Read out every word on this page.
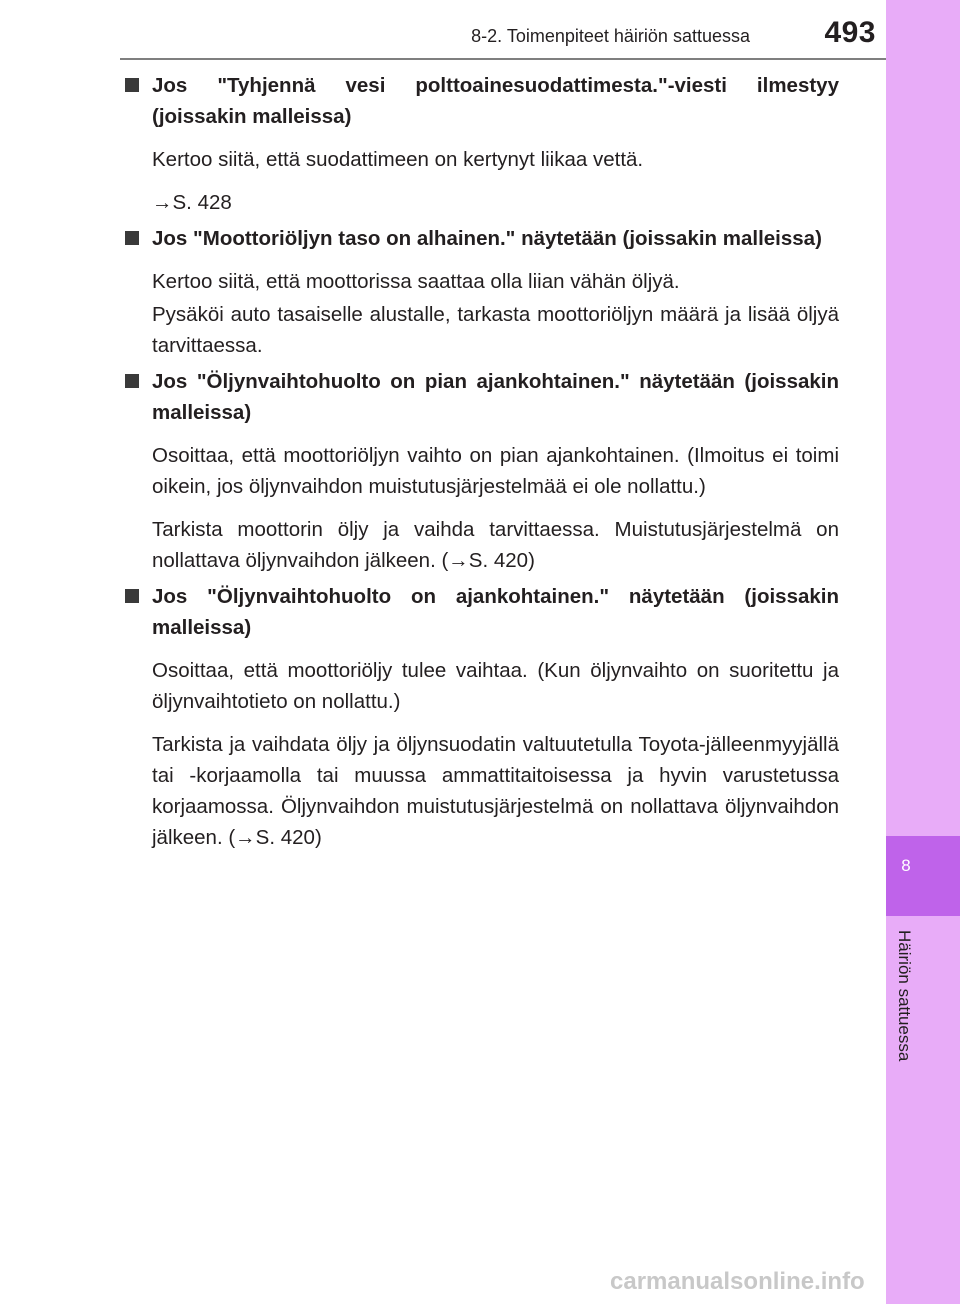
8-2. Toimenpiteet häiriön sattuessa 493
8
Häiriön sattuessa
Jos "Tyhjennä vesi polttoainesuodattimesta."-viesti ilmestyy (joissakin malleissa)
Kertoo siitä, että suodattimeen on kertynyt liikaa vettä.
→S. 428
Jos "Moottoriöljyn taso on alhainen." näytetään (joissakin malleissa)
Kertoo siitä, että moottorissa saattaa olla liian vähän öljyä.
Pysäköi auto tasaiselle alustalle, tarkasta moottoriöljyn määrä ja lisää öljyä tarvittaessa.
Jos "Öljynvaihtohuolto on pian ajankohtainen." näytetään (joissakin malleissa)
Osoittaa, että moottoriöljyn vaihto on pian ajankohtainen. (Ilmoitus ei toimi oikein, jos öljynvaihdon muistutusjärjestelmää ei ole nollattu.)
Tarkista moottorin öljy ja vaihda tarvittaessa. Muistutusjärjestelmä on nollattava öljynvaihdon jälkeen. (→S. 420)
Jos "Öljynvaihtohuolto on ajankohtainen." näytetään (joissakin malleissa)
Osoittaa, että moottoriöljy tulee vaihtaa. (Kun öljynvaihto on suoritettu ja öljynvaihtotieto on nollattu.)
Tarkista ja vaihdata öljy ja öljynsuodatin valtuutetulla Toyota-jälleenmyyjällä tai -korjaamolla tai muussa ammattitaitoisessa ja hyvin varustetussa korjaamossa. Öljynvaihdon muistutusjärjestelmä on nollattava öljynvaihdon jälkeen. (→S. 420)
carmanualsonline.info
